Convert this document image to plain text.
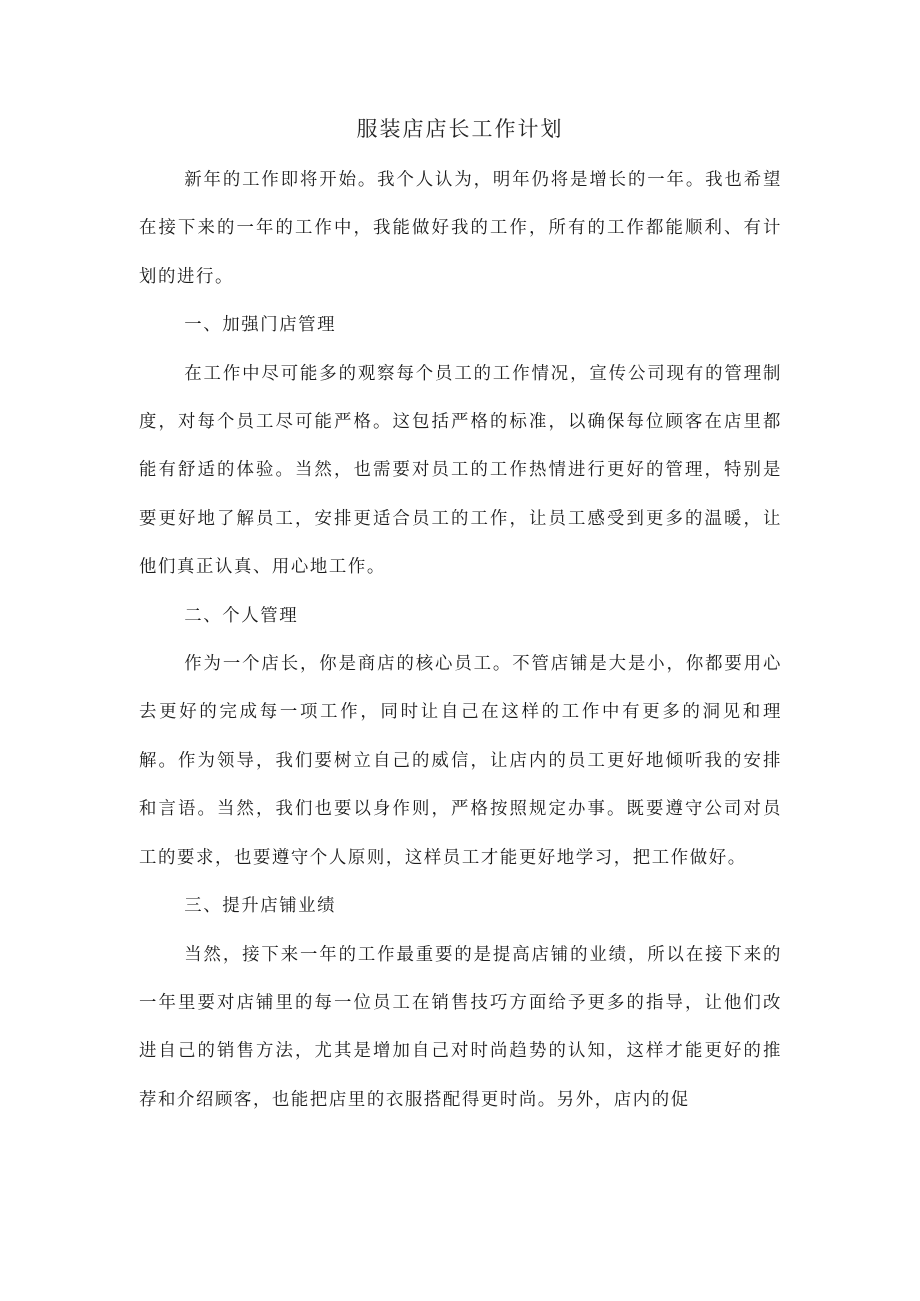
服装店店长工作计划

新年的工作即将开始。我个人认为，明年仍将是增长的一年。我也希望在接下来的一年的工作中，我能做好我的工作，所有的工作都能顺利、有计划的进行。

一、加强门店管理

在工作中尽可能多的观察每个员工的工作情况，宣传公司现有的管理制度，对每个员工尽可能严格。这包括严格的标准，以确保每位顾客在店里都能有舒适的体验。当然，也需要对员工的工作热情进行更好的管理，特别是要更好地了解员工，安排更适合员工的工作，让员工感受到更多的温暖，让他们真正认真、用心地工作。

二、个人管理

作为一个店长，你是商店的核心员工。不管店铺是大是小，你都要用心去更好的完成每一项工作，同时让自己在这样的工作中有更多的洞见和理解。作为领导，我们要树立自己的威信，让店内的员工更好地倾听我的安排和言语。当然，我们也要以身作则，严格按照规定办事。既要遵守公司对员工的要求，也要遵守个人原则，这样员工才能更好地学习，把工作做好。

三、提升店铺业绩

当然，接下来一年的工作最重要的是提高店铺的业绩，所以在接下来的一年里要对店铺里的每一位员工在销售技巧方面给予更多的指导，让他们改进自己的销售方法，尤其是增加自己对时尚趋势的认知，这样才能更好的推荐和介绍顾客，也能把店里的衣服搭配得更时尚。另外，店内的促
